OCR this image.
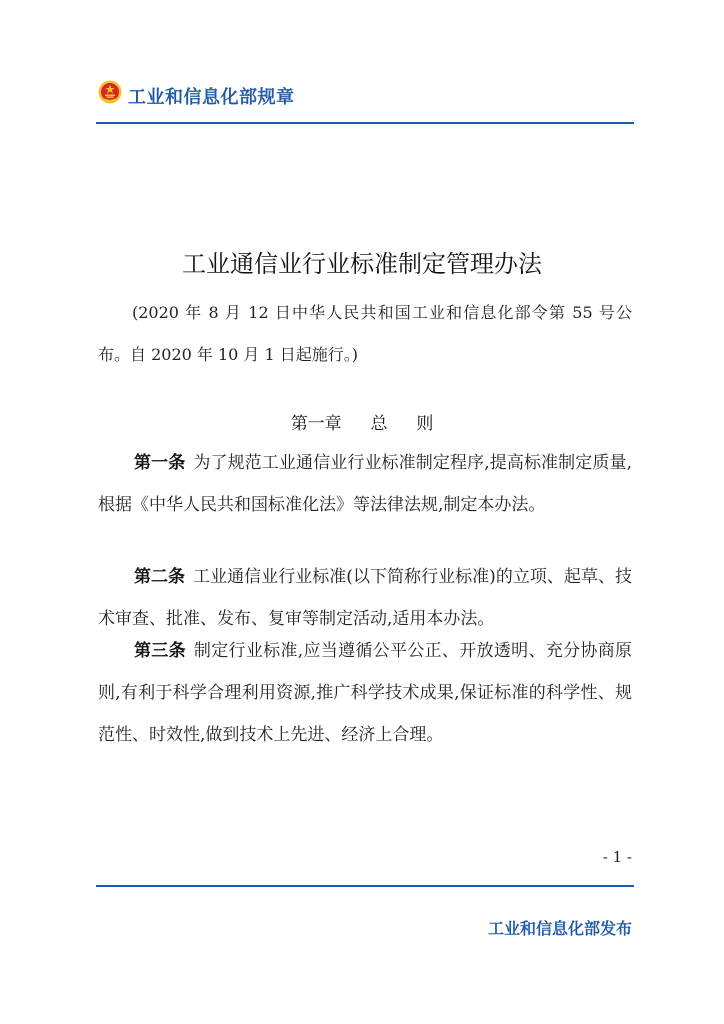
工业和信息化部规章
工业通信业行业标准制定管理办法
(2020 年 8 月 12 日中华人民共和国工业和信息化部令第 55 号公布。自 2020 年 10 月 1 日起施行。)
第一章 总 则
第一条 为了规范工业通信业行业标准制定程序,提高标准制定质量,根据《中华人民共和国标准化法》等法律法规,制定本办法。
第二条 工业通信业行业标准(以下简称行业标准)的立项、起草、技术审查、批准、发布、复审等制定活动,适用本办法。
第三条 制定行业标准,应当遵循公平公正、开放透明、充分协商原则,有利于科学合理利用资源,推广科学技术成果,保证标准的科学性、规范性、时效性,做到技术上先进、经济上合理。
- 1 -
工业和信息化部发布
